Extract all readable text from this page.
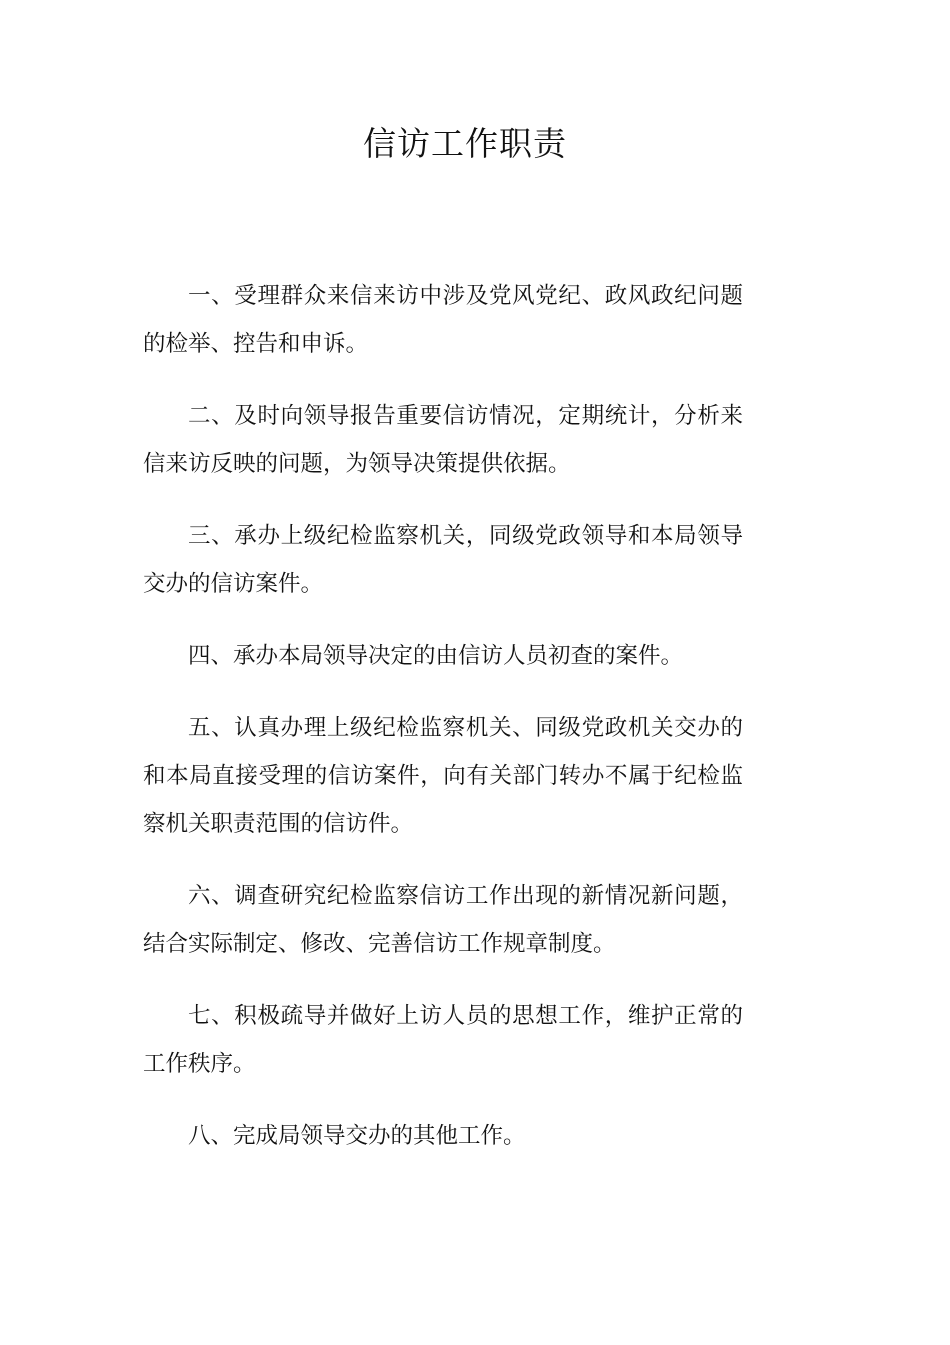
信访工作职责

一、受理群众来信来访中涉及党风党纪、政风政纪问题的检举、控告和申诉。

二、及时向领导报告重要信访情况，定期统计，分析来信来访反映的问题，为领导决策提供依据。

三、承办上级纪检监察机关，同级党政领导和本局领导交办的信访案件。

四、承办本局领导决定的由信访人员初查的案件。

五、认真办理上级纪检监察机关、同级党政机关交办的和本局直接受理的信访案件，向有关部门转办不属于纪检监察机关职责范围的信访件。

六、调查研究纪检监察信访工作出现的新情况新问题，结合实际制定、修改、完善信访工作规章制度。

七、积极疏导并做好上访人员的思想工作，维护正常的工作秩序。

八、完成局领导交办的其他工作。
